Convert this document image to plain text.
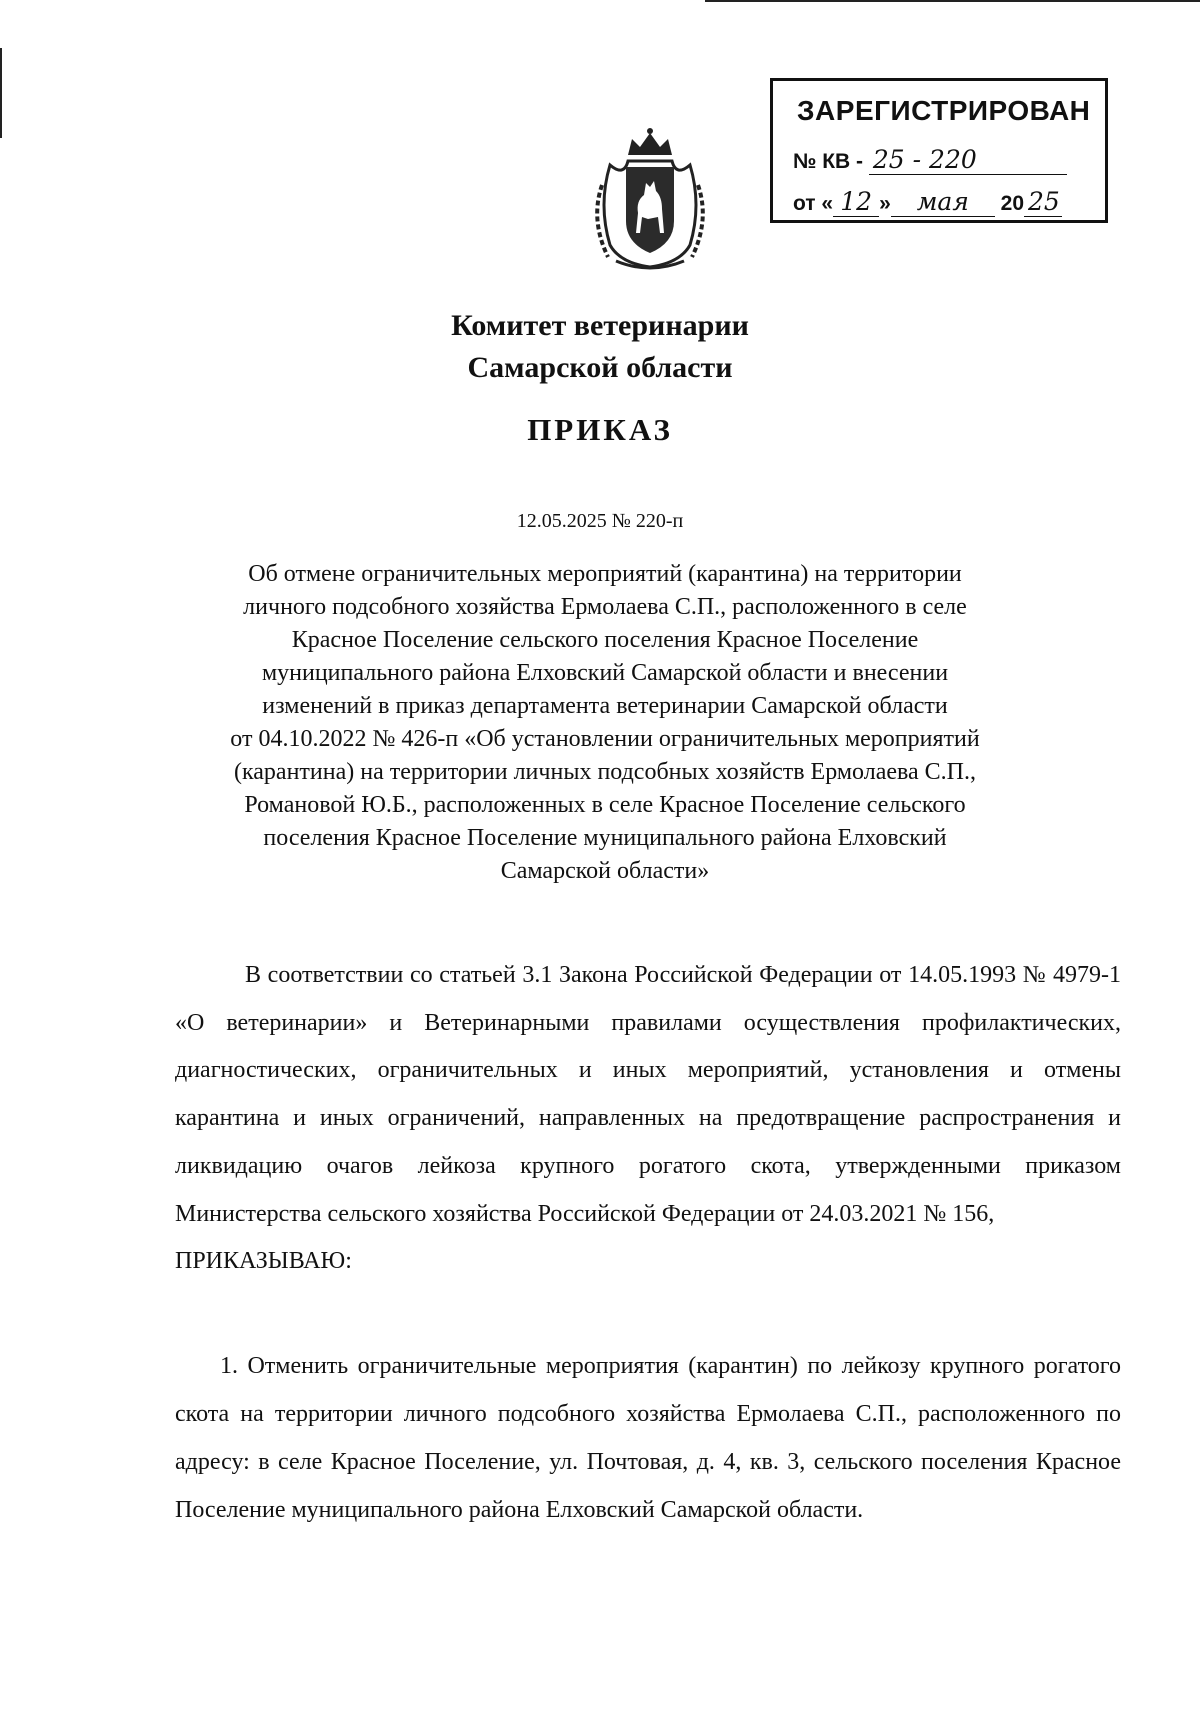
ЗАРЕГИСТРИРОВАН
№ КВ - 25 - 220
от « 12 » мая 20 25
Комитет ветеринарии
Самарской области
ПРИКАЗ
12.05.2025 № 220-п
Об отмене ограничительных мероприятий (карантина) на территории
личного подсобного хозяйства Ермолаева С.П., расположенного в селе
Красное Поселение сельского поселения Красное Поселение
муниципального района Елховский Самарской области и внесении
изменений в приказ департамента ветеринарии Самарской области
от 04.10.2022 № 426-п «Об установлении ограничительных мероприятий
(карантина) на территории личных подсобных хозяйств Ермолаева С.П.,
Романовой Ю.Б., расположенных в селе Красное Поселение сельского
поселения Красное Поселение муниципального района Елховский
Самарской области»
В соответствии со статьей 3.1 Закона Российской Федерации от 14.05.1993 № 4979-1 «О ветеринарии» и Ветеринарными правилами осуществления профилактических, диагностических, ограничительных и иных мероприятий, установления и отмены карантина и иных ограничений, направленных на предотвращение распространения и ликвидацию очагов лейкоза крупного рогатого скота, утвержденными приказом Министерства сельского хозяйства Российской Федерации от 24.03.2021 № 156,
ПРИКАЗЫВАЮ:
1. Отменить ограничительные мероприятия (карантин) по лейкозу крупного рогатого скота на территории личного подсобного хозяйства Ермолаева С.П., расположенного по адресу: в селе Красное Поселение, ул. Почтовая, д. 4, кв. 3, сельского поселения Красное Поселение муниципального района Елховский Самарской области.
